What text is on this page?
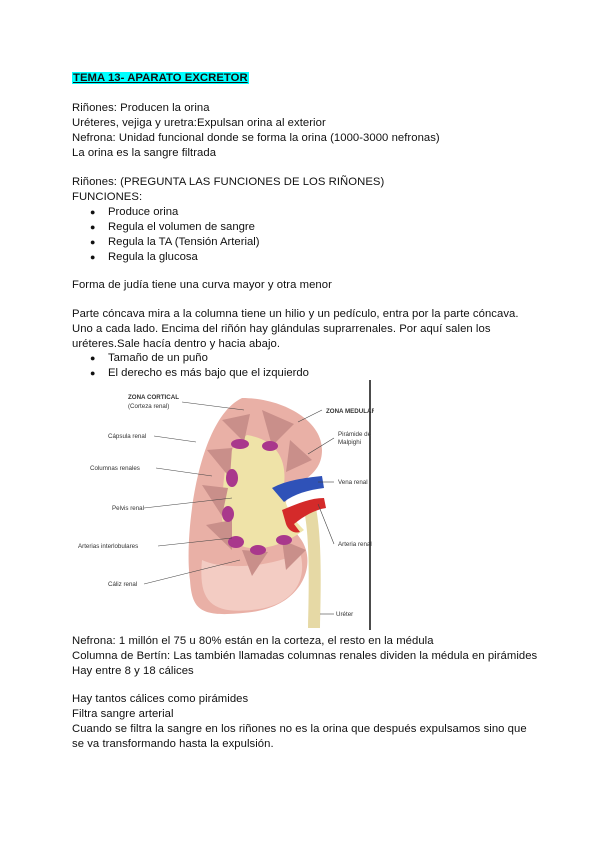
TEMA 13- APARATO EXCRETOR
Riñones: Producen la orina
Uréteres, vejiga y uretra:Expulsan orina al exterior
Nefrona: Unidad funcional donde se forma la orina (1000-3000 nefronas)
La orina es la sangre filtrada
Riñones: (PREGUNTA LAS FUNCIONES DE LOS RIÑONES)
FUNCIONES:
●	Produce orina
●	Regula el volumen de sangre
●	Regula la TA (Tensión Arterial)
●	Regula la glucosa
Forma de judía tiene una curva mayor y otra menor
Parte cóncava mira a la columna tiene un hilio y un pedículo, entra por la parte cóncava.
Uno a cada lado. Encima del riñón hay glándulas suprarrenales. Por aquí salen los
uréteres.Sale hacía dentro y hacia abajo.
●	Tamaño de un puño
●	El derecho es más bajo que el izquierdo
ZONA CORTICAL
(Corteza renal)
ZONA MEDULAR
Cápsula renal	Pirámide de
Malpighi
Columnas renales
Vena renal
Pelvis renal
Arteria renal
Arterias interlobulares
Cáliz renal
Uréter
Nefrona: 1 millón el 75 u 80% están en la corteza, el resto en la médula
Columna de Bertín: Las también llamadas columnas renales dividen la médula en pirámides
Hay entre 8 y 18 cálices
Hay tantos cálices como pirámides
Filtra sangre arterial
Cuando se filtra la sangre en los riñones no es la orina que después expulsamos sino que
se va transformando hasta la expulsión.
